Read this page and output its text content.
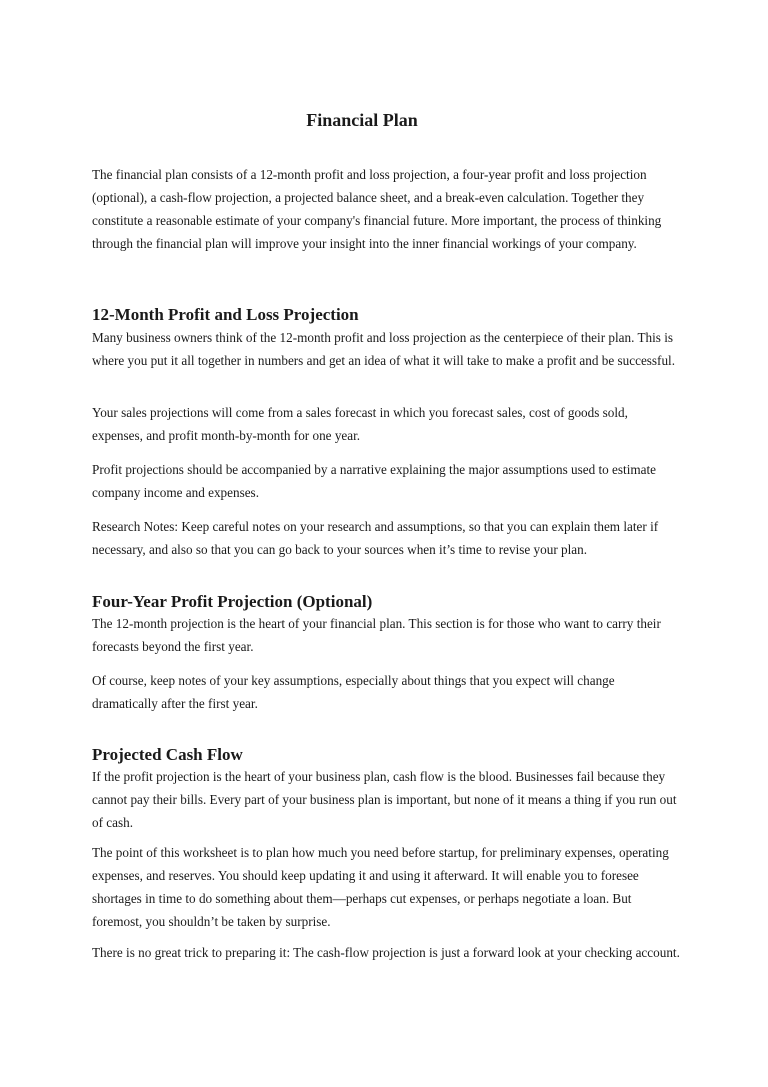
Financial Plan

The financial plan consists of a 12-month profit and loss projection, a four-year profit and loss projection (optional), a cash-flow projection, a projected balance sheet, and a break-even calculation. Together they constitute a reasonable estimate of your company's financial future. More important, the process of thinking through the financial plan will improve your insight into the inner financial workings of your company.

12-Month Profit and Loss Projection

Many business owners think of the 12-month profit and loss projection as the centerpiece of their plan. This is where you put it all together in numbers and get an idea of what it will take to make a profit and be successful.

Your sales projections will come from a sales forecast in which you forecast sales, cost of goods sold, expenses, and profit month-by-month for one year.

Profit projections should be accompanied by a narrative explaining the major assumptions used to estimate company income and expenses.

Research Notes: Keep careful notes on your research and assumptions, so that you can explain them later if necessary, and also so that you can go back to your sources when it’s time to revise your plan.

Four-Year Profit Projection (Optional)

The 12-month projection is the heart of your financial plan. This section is for those who want to carry their forecasts beyond the first year.

Of course, keep notes of your key assumptions, especially about things that you expect will change dramatically after the first year.

Projected Cash Flow

If the profit projection is the heart of your business plan, cash flow is the blood. Businesses fail because they cannot pay their bills. Every part of your business plan is important, but none of it means a thing if you run out of cash.

The point of this worksheet is to plan how much you need before startup, for preliminary expenses, operating expenses, and reserves. You should keep updating it and using it afterward. It will enable you to foresee shortages in time to do something about them—perhaps cut expenses, or perhaps negotiate a loan. But foremost, you shouldn’t be taken by surprise.

There is no great trick to preparing it: The cash-flow projection is just a forward look at your checking account.
